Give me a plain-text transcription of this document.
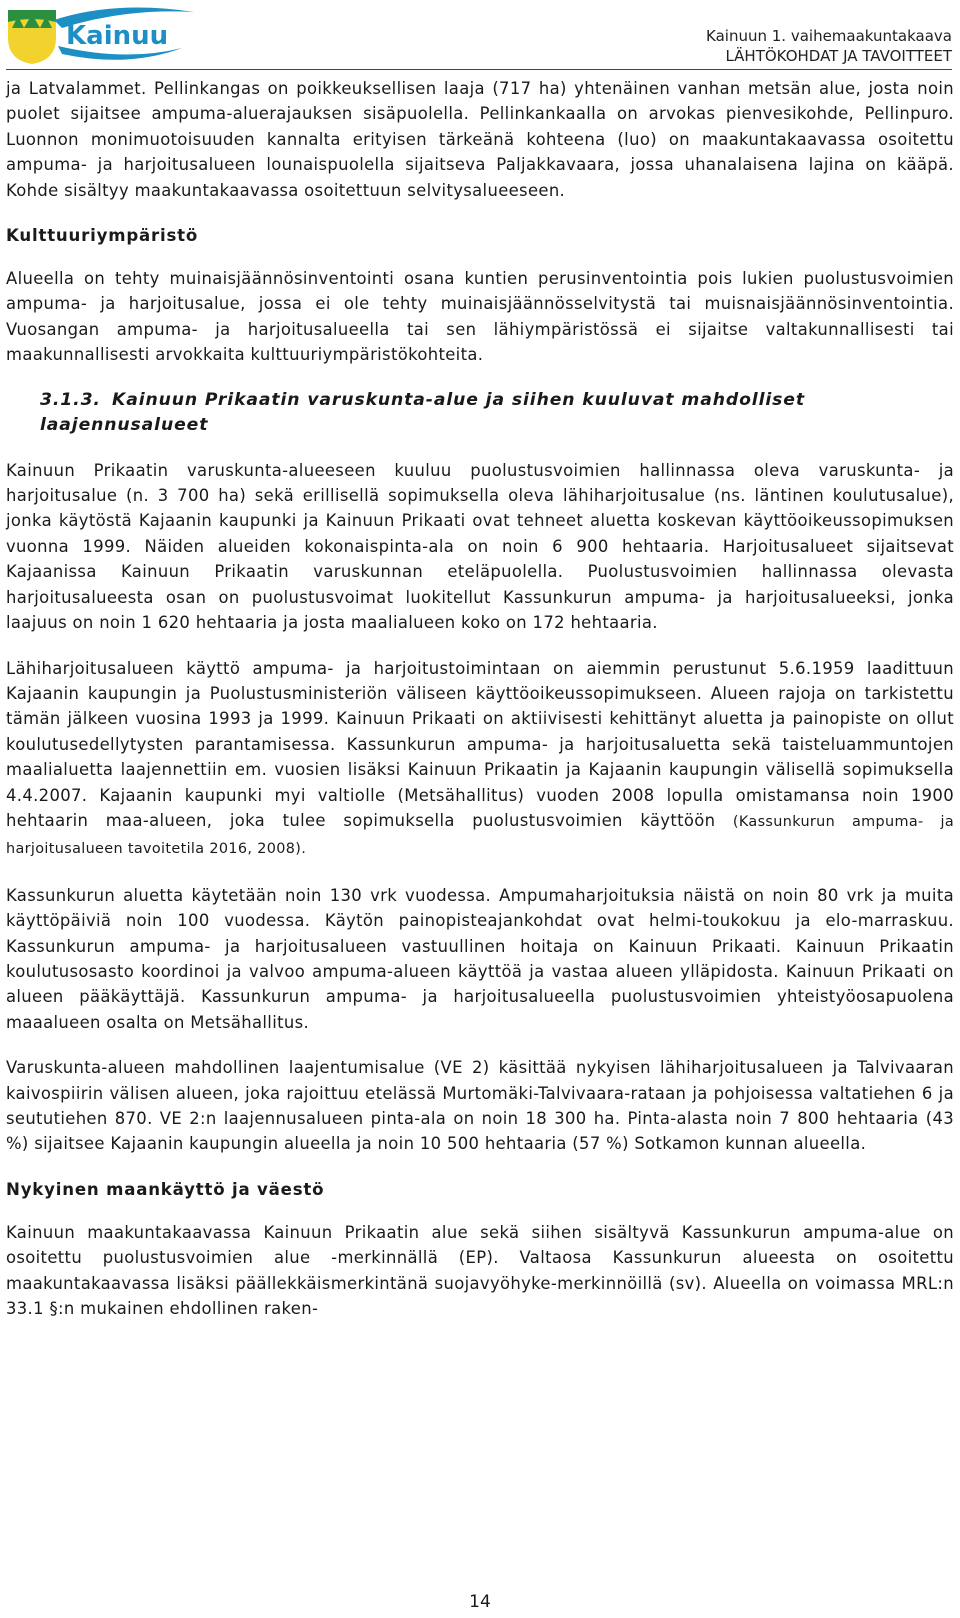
Kainuu	Kainuun 1. vaihemaakuntakaava
LÄHTÖKOHDAT JA TAVOITTEET

ja Latvalammet. Pellinkangas on poikkeuksellisen laaja (717 ha) yhtenäinen vanhan metsän alue, josta noin puolet sijaitsee ampuma-aluerajauksen sisäpuolella. Pellinkankaalla on arvokas pienvesikohde, Pellinpuro. Luonnon monimuotoisuuden kannalta erityisen tärkeänä kohteena (luo) on maakuntakaavassa osoitettu ampuma- ja harjoitusalueen lounaispuolella sijaitseva Paljakkavaara, jossa uhanalaisena lajina on kääpä. Kohde sisältyy maakuntakaavassa osoitettuun selvitysalueeseen.

Kulttuuriympäristö

Alueella on tehty muinaisjäännösinventointi osana kuntien perusinventointia pois lukien puolustusvoimien ampuma- ja harjoitusalue, jossa ei ole tehty muinaisjäännösselvitystä tai muisnaisjäännösinventointia. Vuosangan ampuma- ja harjoitusalueella tai sen lähiympäristössä ei sijaitse valtakunnallisesti tai maakunnallisesti arvokkaita kulttuuriympäristökohteita.

3.1.3. Kainuun Prikaatin varuskunta-alue ja siihen kuuluvat mahdolliset laajennusalueet

Kainuun Prikaatin varuskunta-alueeseen kuuluu puolustusvoimien hallinnassa oleva varuskunta- ja harjoitusalue (n. 3 700 ha) sekä erillisellä sopimuksella oleva lähiharjoitusalue (ns. läntinen koulutusalue), jonka käytöstä Kajaanin kaupunki ja Kainuun Prikaati ovat tehneet aluetta koskevan käyttöoikeussopimuksen vuonna 1999. Näiden alueiden kokonaispinta-ala on noin 6 900 hehtaaria. Harjoitusalueet sijaitsevat Kajaanissa Kainuun Prikaatin varuskunnan eteläpuolella. Puolustusvoimien hallinnassa olevasta harjoitusalueesta osan on puolustusvoimat luokitellut Kassunkurun ampuma- ja harjoitusalueeksi, jonka laajuus on noin 1 620 hehtaaria ja josta maalialueen koko on 172 hehtaaria.

Lähiharjoitusalueen käyttö ampuma- ja harjoitustoimintaan on aiemmin perustunut 5.6.1959 laadittuun Kajaanin kaupungin ja Puolustusministeriön väliseen käyttöoikeussopimukseen. Alueen rajoja on tarkistettu tämän jälkeen vuosina 1993 ja 1999. Kainuun Prikaati on aktiivisesti kehittänyt aluetta ja painopiste on ollut koulutusedellytysten parantamisessa. Kassunkurun ampuma- ja harjoitusaluetta sekä taisteluammuntojen maalialuetta laajennettiin em. vuosien lisäksi Kainuun Prikaatin ja Kajaanin kaupungin välisellä sopimuksella 4.4.2007. Kajaanin kaupunki myi valtiolle (Metsähallitus) vuoden 2008 lopulla omistamansa noin 1900 hehtaarin maa-alueen, joka tulee sopimuksella puolustusvoimien käyttöön (Kassunkurun ampuma- ja harjoitusalueen tavoitetila 2016, 2008).

Kassunkurun aluetta käytetään noin 130 vrk vuodessa. Ampumaharjoituksia näistä on noin 80 vrk ja muita käyttöpäiviä noin 100 vuodessa. Käytön painopisteajankohdat ovat helmi-toukokuu ja elo-marraskuu. Kassunkurun ampuma- ja harjoitusalueen vastuullinen hoitaja on Kainuun Prikaati. Kainuun Prikaatin koulutusosasto koordinoi ja valvoo ampuma-alueen käyttöä ja vastaa alueen ylläpidosta. Kainuun Prikaati on alueen pääkäyttäjä. Kassunkurun ampuma- ja harjoitusalueella puolustusvoimien yhteistyöosapuolena maaalueen osalta on Metsähallitus.

Varuskunta-alueen mahdollinen laajentumisalue (VE 2) käsittää nykyisen lähiharjoitusalueen ja Talvivaaran kaivospiirin välisen alueen, joka rajoittuu etelässä Murtomäki-Talvivaara-rataan ja pohjoisessa valtatiehen 6 ja seututiehen 870. VE 2:n laajennusalueen pinta-ala on noin 18 300 ha. Pinta-alasta noin 7 800 hehtaaria (43 %) sijaitsee Kajaanin kaupungin alueella ja noin 10 500 hehtaaria (57 %) Sotkamon kunnan alueella.

Nykyinen maankäyttö ja väestö

Kainuun maakuntakaavassa Kainuun Prikaatin alue sekä siihen sisältyvä Kassunkurun ampuma-alue on osoitettu puolustusvoimien alue -merkinnällä (EP). Valtaosa Kassunkurun alueesta on osoitettu maakuntakaavassa lisäksi päällekkäismerkintänä suojavyöhyke-merkinnöillä (sv). Alueella on voimassa MRL:n 33.1 §:n mukainen ehdollinen raken-

14
